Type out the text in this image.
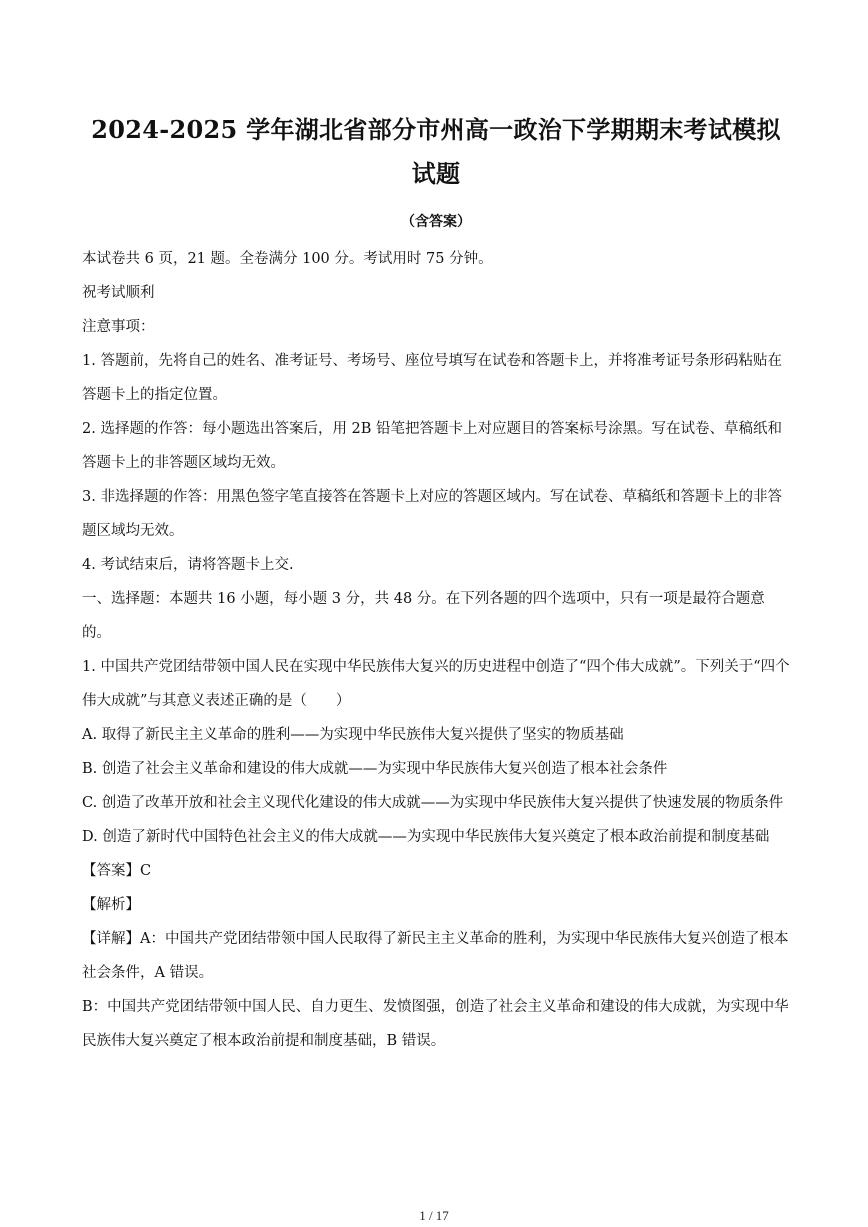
2024-2025 学年湖北省部分市州高一政治下学期期末考试模拟试题
（含答案）

本试卷共 6 页，21 题。全卷满分 100 分。考试用时 75 分钟。

祝考试顺利

注意事项：

1. 答题前，先将自己的姓名、准考证号、考场号、座位号填写在试卷和答题卡上，并将准考证号条形码粘贴在答题卡上的指定位置。

2. 选择题的作答：每小题选出答案后，用 2B 铅笔把答题卡上对应题目的答案标号涂黑。写在试卷、草稿纸和答题卡上的非答题区域均无效。

3. 非选择题的作答：用黑色签字笔直接答在答题卡上对应的答题区域内。写在试卷、草稿纸和答题卡上的非答题区域均无效。

4. 考试结束后，请将答题卡上交.

一、选择题：本题共 16 小题，每小题 3 分，共 48 分。在下列各题的四个选项中，只有一项是最符合题意的。

1. 中国共产党团结带领中国人民在实现中华民族伟大复兴的历史进程中创造了“四个伟大成就”。下列关于“四个伟大成就”与其意义表述正确的是（　　）

A. 取得了新民主主义革命的胜利——为实现中华民族伟大复兴提供了坚实的物质基础

B. 创造了社会主义革命和建设的伟大成就——为实现中华民族伟大复兴创造了根本社会条件

C. 创造了改革开放和社会主义现代化建设的伟大成就——为实现中华民族伟大复兴提供了快速发展的物质条件

D. 创造了新时代中国特色社会主义的伟大成就——为实现中华民族伟大复兴奠定了根本政治前提和制度基础

【答案】C

【解析】

【详解】A：中国共产党团结带领中国人民取得了新民主主义革命的胜利，为实现中华民族伟大复兴创造了根本社会条件，A 错误。

B：中国共产党团结带领中国人民、自力更生、发愤图强，创造了社会主义革命和建设的伟大成就，为实现中华民族伟大复兴奠定了根本政治前提和制度基础，B 错误。

1 / 17
